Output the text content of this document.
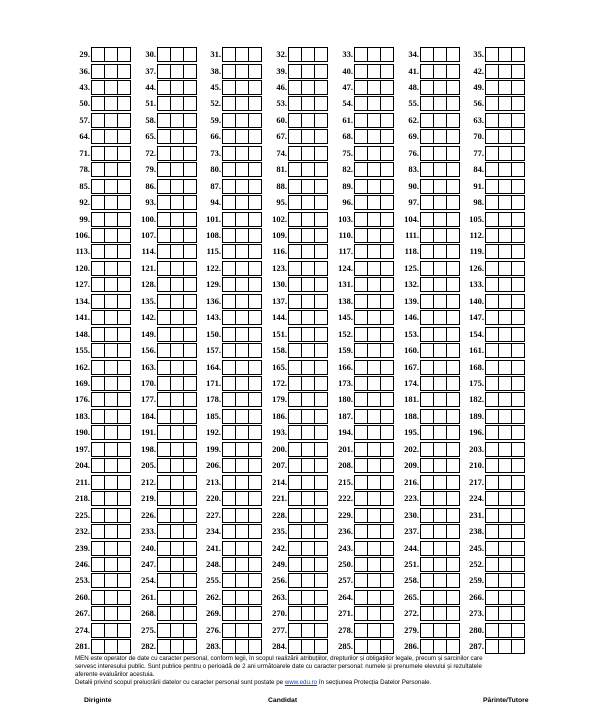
29.	30.	31.	32.	33.	34.	35.
36.	37.	38.	39.	40.	41.	42.
43.	44.	45.	46.	47.	48.	49.
50.	51.	52.	53.	54.	55.	56.
57.	58.	59.	60.	61.	62.	63.
64.	65.	66.	67.	68.	69.	70.
71.	72.	73.	74.	75.	76.	77.
78.	79.	80.	81.	82.	83.	84.
85.	86.	87.	88.	89.	90.	91.
92.	93.	94.	95.	96.	97.	98.
99.	100.	101.	102.	103.	104.	105.
106.	107.	108.	109.	110.	111.	112.
113.	114.	115.	116.	117.	118.	119.
120.	121.	122.	123.	124.	125.	126.
127.	128.	129.	130.	131.	132.	133.
134.	135.	136.	137.	138.	139.	140.
141.	142.	143.	144.	145.	146.	147.
148.	149.	150.	151.	152.	153.	154.
155.	156.	157.	158.	159.	160.	161.
162.	163.	164.	165.	166.	167.	168.
169.	170.	171.	172.	173.	174.	175.
176.	177.	178.	179.	180.	181.	182.
183.	184.	185.	186.	187.	188.	189.
190.	191.	192.	193.	194.	195.	196.
197.	198.	199.	200.	201.	202.	203.
204.	205.	206.	207.	208.	209.	210.
211.	212.	213.	214.	215.	216.	217.
218.	219.	220.	221.	222.	223.	224.
225.	226.	227.	228.	229.	230.	231.
232.	233.	234.	235.	236.	237.	238.
239.	240.	241.	242.	243.	244.	245.
246.	247.	248.	249.	250.	251.	252.
253.	254.	255.	256.	257.	258.	259.
260.	261.	262.	263.	264.	265.	266.
267.	268.	269.	270.	271.	272.	273.
274.	275.	276.	277.	278.	279.	280.
281.	282.	283.	284.	285.	286.	287.
MEN este operator de date cu caracter personal, conform legii, în scopul realizării atribuțiilor, drepturilor și obligațiilor legale, precum și sarcinilor care
servesc interesului public. Sunt publice pentru o perioadă de 2 ani următoarele date cu caracter personal: numele și prenumele elevului și rezultatele
aferente evaluărilor acestuia.
Detalii privind scopul prelucrării datelor cu caracter personal sunt postate pe www.edu.ro în secțiunea Protecția Datelor Personale.
Diriginte	Candidat	Părinte/Tutore
